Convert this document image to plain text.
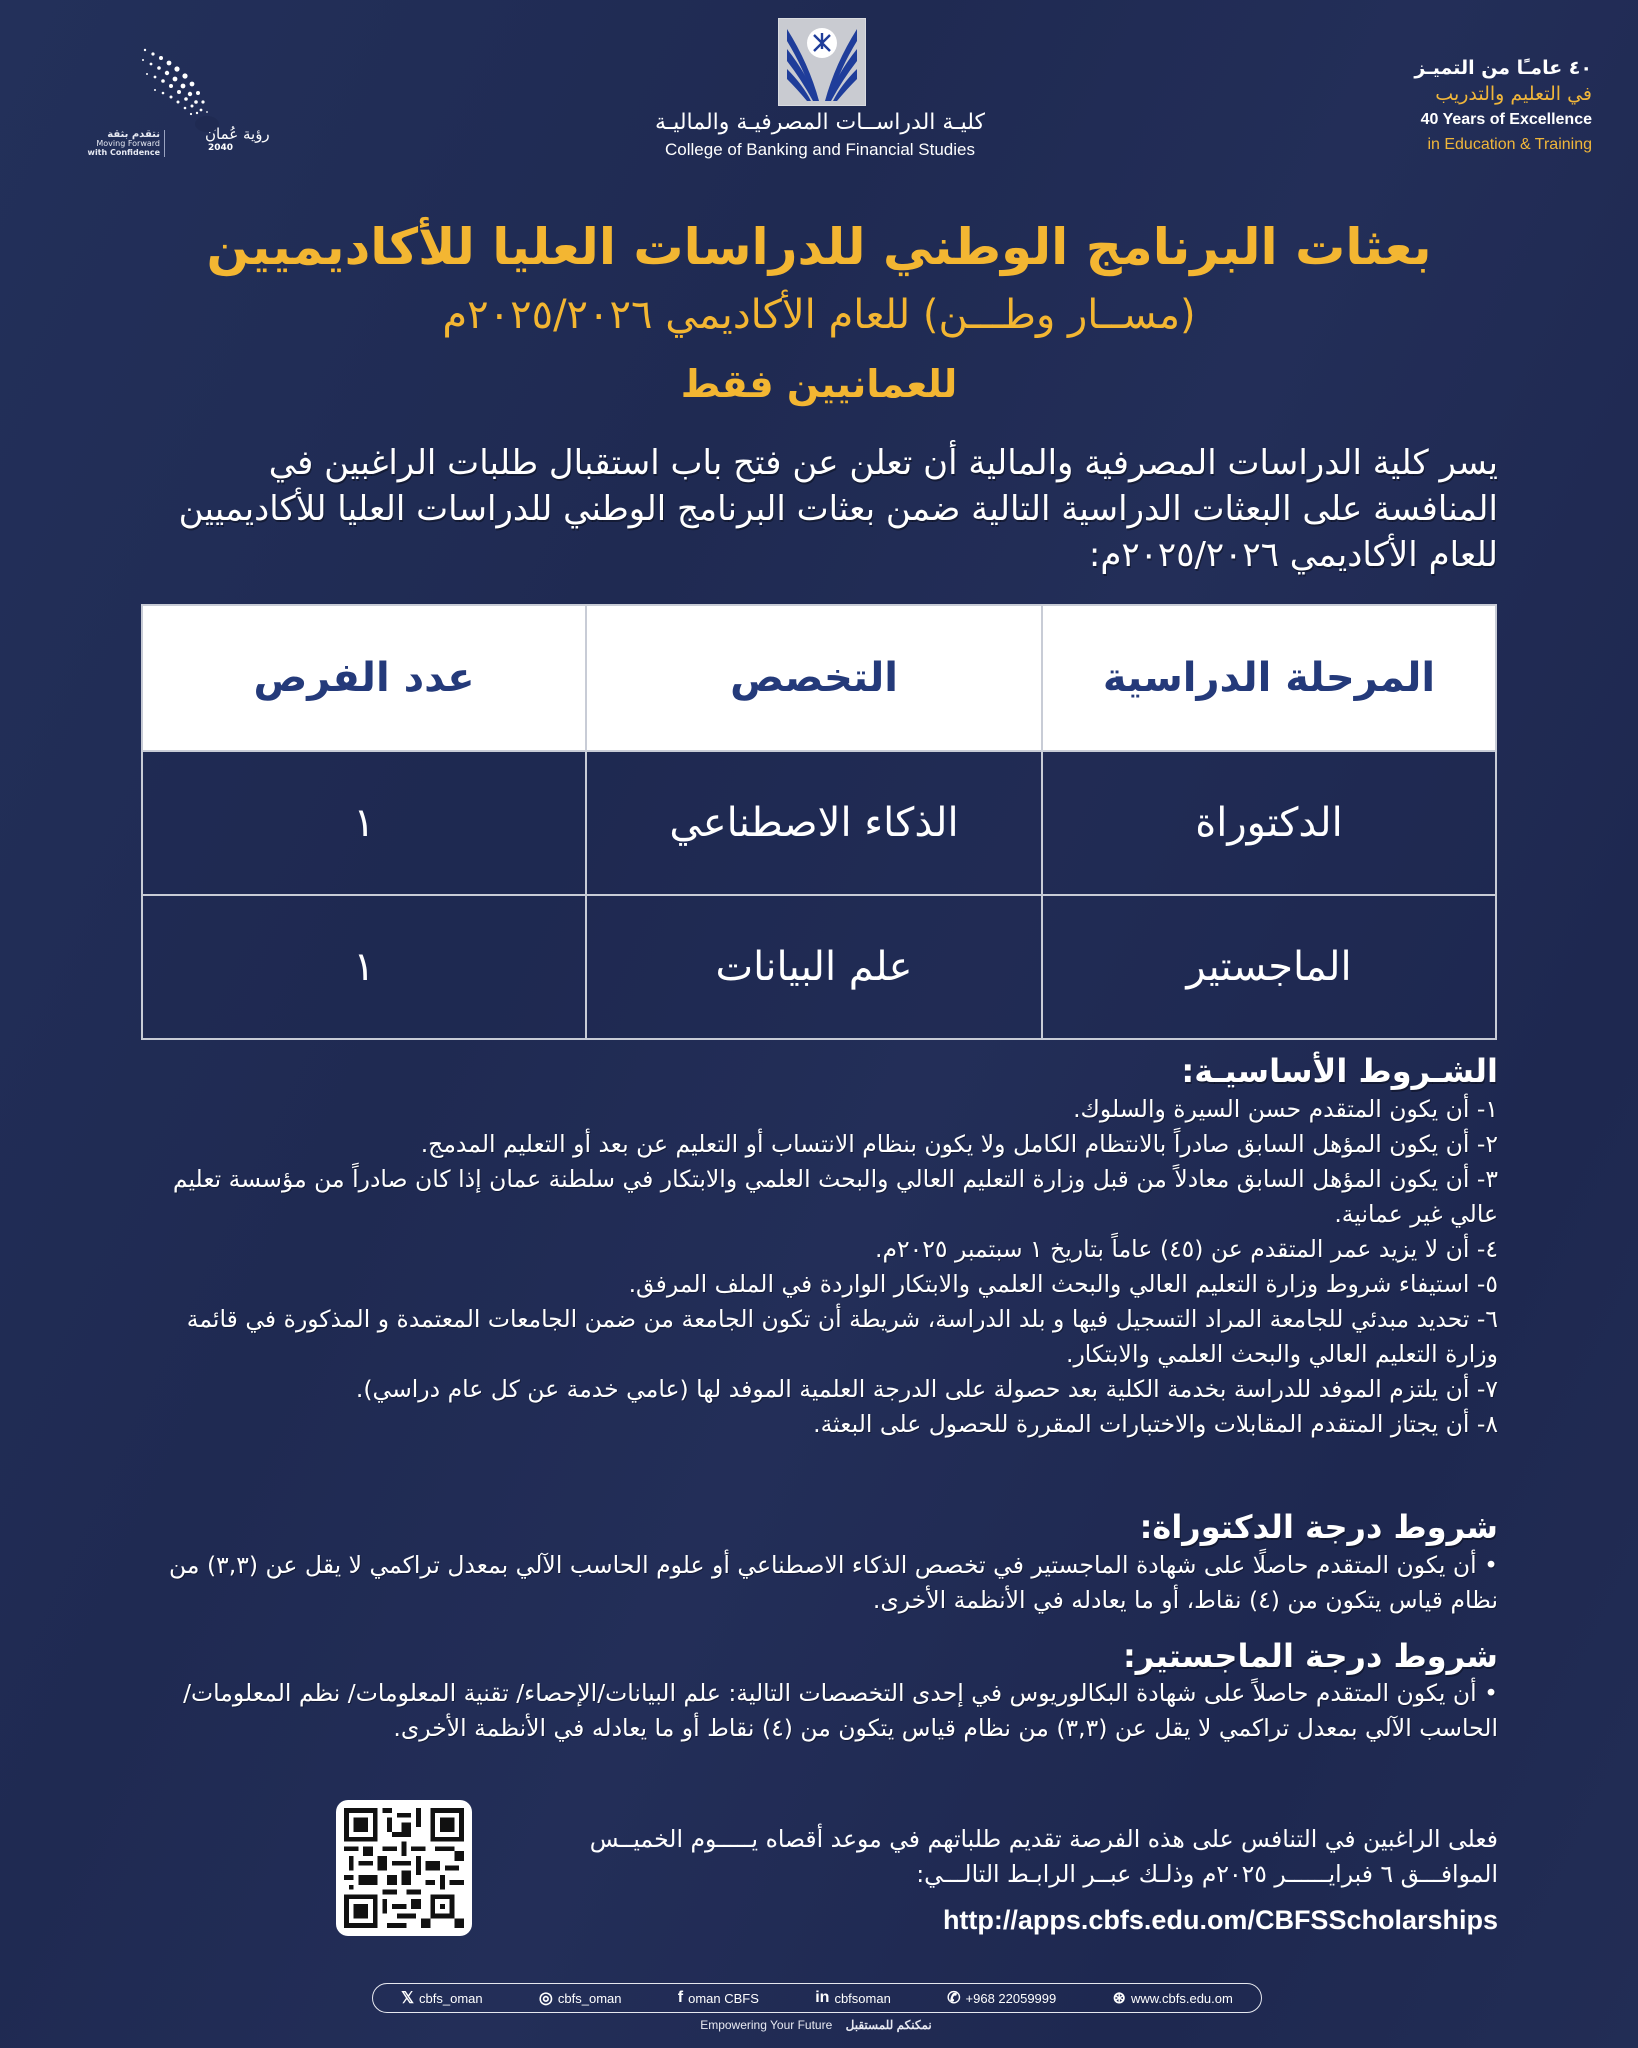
نتقدم بثقة
Moving Forward
with Confidence
رؤية عُمان
2040
كليـة الدراســات المصرفيـة والماليـة
College of Banking and Financial Studies
٤٠ عامـًا من التميـز
في التعليم والتدريب
40 Years of Excellence
in Education & Training
بعثات البرنامج الوطني للدراسات العليا للأكاديميين
(مســار وطـــن) للعام الأكاديمي ٢٠٢٥/٢٠٢٦م
للعمانيين فقط
يسر كلية الدراسات المصرفية والمالية أن تعلن عن فتح باب استقبال طلبات الراغبين في المنافسة على البعثات الدراسية التالية ضمن بعثات البرنامج الوطني للدراسات العليا للأكاديميين للعام الأكاديمي ٢٠٢٥/٢٠٢٦م:
المرحلة الدراسية	التخصص	عدد الفرص
الدكتوراة	الذكاء الاصطناعي	١
الماجستير	علم البيانات	١
الشـروط الأساسيـة:

١- أن يكون المتقدم حسن السيرة والسلوك.

٢- أن يكون المؤهل السابق صادراً بالانتظام الكامل ولا يكون بنظام الانتساب أو التعليم عن بعد أو التعليم المدمج.

٣- أن يكون المؤهل السابق معادلاً من قبل وزارة التعليم العالي والبحث العلمي والابتكار في سلطنة عمان إذا كان صادراً من مؤسسة تعليم عالي غير عمانية.

٤- أن لا يزيد عمر المتقدم عن (٤٥) عاماً بتاريخ ١ سبتمبر ٢٠٢٥م.

٥- استيفاء شروط وزارة التعليم العالي والبحث العلمي والابتكار الواردة في الملف المرفق.

٦- تحديد مبدئي للجامعة المراد التسجيل فيها و بلد الدراسة، شريطة أن تكون الجامعة من ضمن الجامعات المعتمدة و المذكورة في قائمة وزارة التعليم العالي والبحث العلمي والابتكار.

٧- أن يلتزم الموفد للدراسة بخدمة الكلية بعد حصولة على الدرجة العلمية الموفد لها (عامي خدمة عن كل عام دراسي).

٨- أن يجتاز المتقدم المقابلات والاختبارات المقررة للحصول على البعثة.

شروط درجة الدكتوراة:
• أن يكون المتقدم حاصلًا على شهادة الماجستير في تخصص الذكاء الاصطناعي أو علوم الحاسب الآلي بمعدل تراكمي لا يقل عن (٣,٣) من نظام قياس يتكون من (٤) نقاط، أو ما يعادله في الأنظمة الأخرى.
شروط درجة الماجستير:
• أن يكون المتقدم حاصلاً على شهادة البكالوريوس في إحدى التخصصات التالية: علم البيانات/الإحصاء/ تقنية المعلومات/ نظم المعلومات/ الحاسب الآلي بمعدل تراكمي لا يقل عن (٣,٣) من نظام قياس يتكون من (٤) نقاط أو ما يعادله في الأنظمة الأخرى.
فعلى الراغبين في التنافس على هذه الفرصة تقديم طلباتهم في موعد أقصاه يـــــوم الخميــس الموافـــق ٦ فبرايــــــر ٢٠٢٥م وذلـك عبــر الرابـط التالـــي:
http://apps.cbfs.edu.om/CBFSScholarships
𝕏 cbfs_oman	◎ cbfs_oman	f oman CBFS	in cbfsoman	✆ +968 22059999	⊛ www.cbfs.edu.om
Empowering Your Future نمكنكم للمستقبل
